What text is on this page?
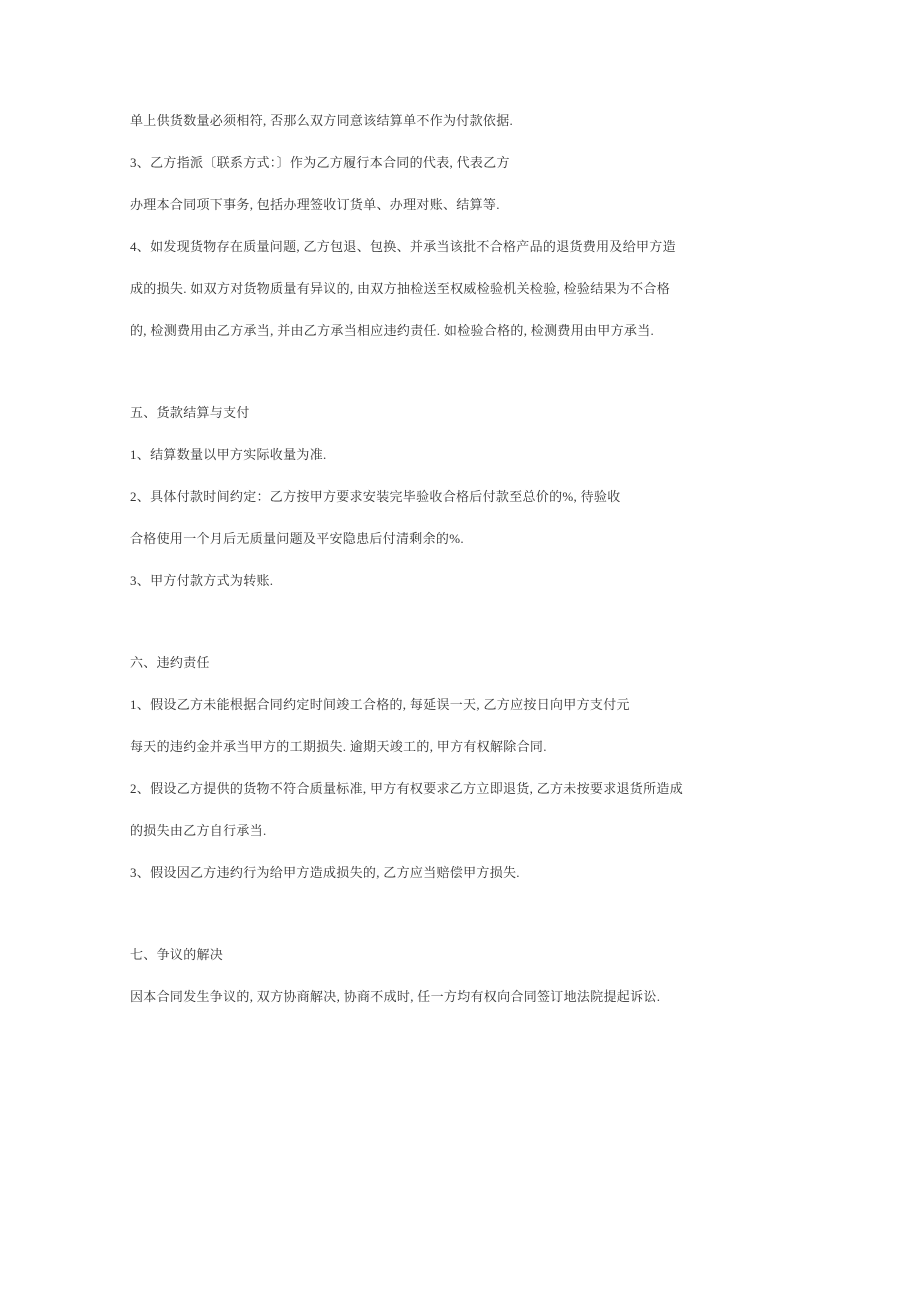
单上供货数量必须相符, 否那么双方同意该结算单不作为付款依据.

3、乙方指派〔联系方式：〕作为乙方履行本合同的代表, 代表乙方

办理本合同项下事务, 包括办理签收订货单、办理对账、结算等.

4、如发现货物存在质量问题, 乙方包退、包换、并承当该批不合格产品的退货费用及给甲方造

成的损失. 如双方对货物质量有异议的, 由双方抽检送至权威检验机关检验, 检验结果为不合格

的, 检测费用由乙方承当, 并由乙方承当相应违约责任. 如检验合格的, 检测费用由甲方承当.

五、货款结算与支付

1、结算数量以甲方实际收量为准.

2、具体付款时间约定：乙方按甲方要求安装完毕验收合格后付款至总价的%, 待验收

合格使用一个月后无质量问题及平安隐患后付清剩余的%.

3、甲方付款方式为转账.

六、违约责任

1、假设乙方未能根据合同约定时间竣工合格的, 每延误一天, 乙方应按日向甲方支付元

每天的违约金并承当甲方的工期损失. 逾期天竣工的, 甲方有权解除合同.

2、假设乙方提供的货物不符合质量标准, 甲方有权要求乙方立即退货, 乙方未按要求退货所造成

的损失由乙方自行承当.

3、假设因乙方违约行为给甲方造成损失的, 乙方应当赔偿甲方损失.

七、争议的解决

因本合同发生争议的, 双方协商解决, 协商不成时, 任一方均有权向合同签订地法院提起诉讼.
